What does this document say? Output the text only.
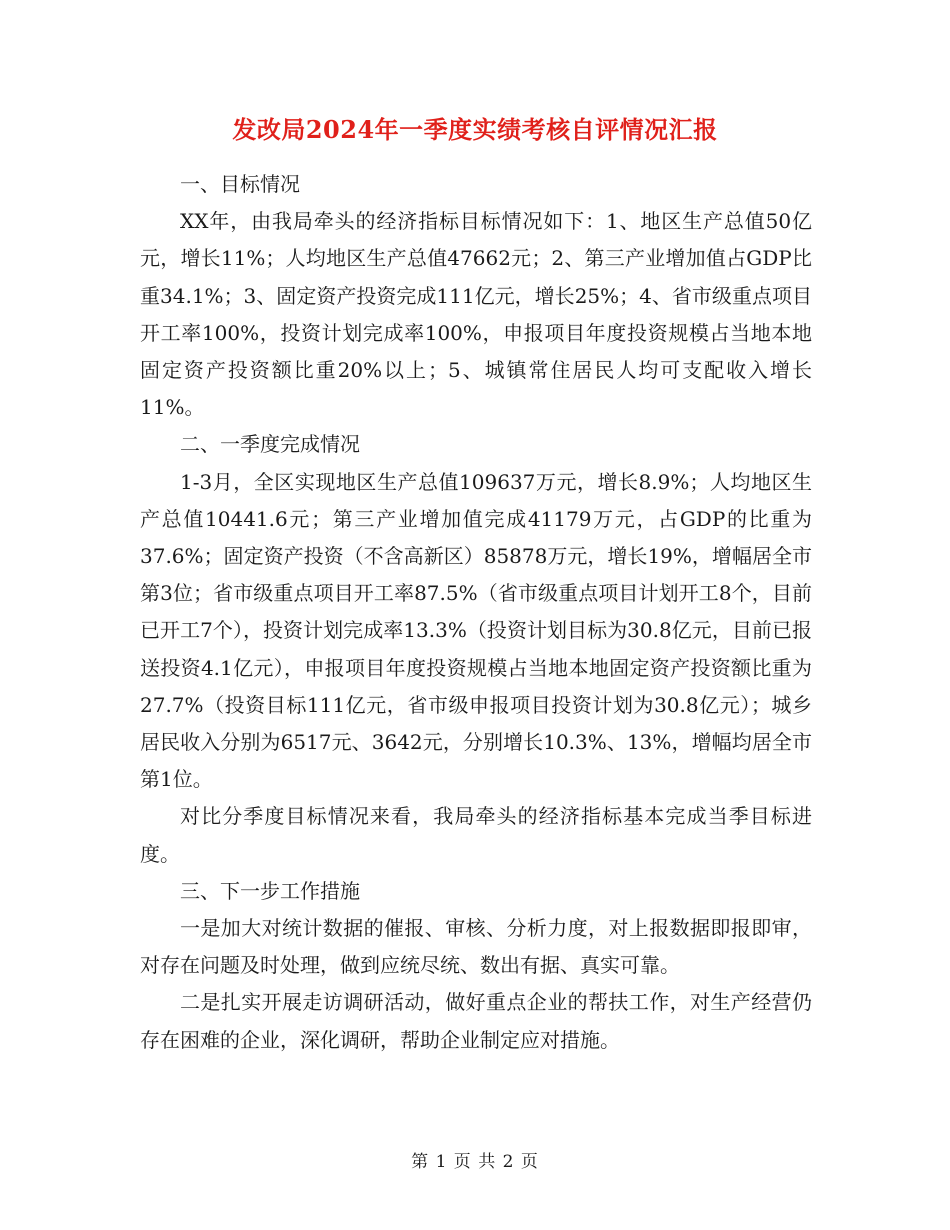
发改局2024年一季度实绩考核自评情况汇报

一、目标情况

XX年，由我局牵头的经济指标目标情况如下：1、地区生产总值50亿元，增长11%；人均地区生产总值47662元；2、第三产业增加值占GDP比重34.1%；3、固定资产投资完成111亿元，增长25%；4、省市级重点项目开工率100%，投资计划完成率100%，申报项目年度投资规模占当地本地固定资产投资额比重20%以上；5、城镇常住居民人均可支配收入增长11%。

二、一季度完成情况

1-3月，全区实现地区生产总值109637万元，增长8.9%；人均地区生产总值10441.6元；第三产业增加值完成41179万元，占GDP的比重为37.6%；固定资产投资（不含高新区）85878万元，增长19%，增幅居全市第3位；省市级重点项目开工率87.5%（省市级重点项目计划开工8个，目前已开工7个），投资计划完成率13.3%（投资计划目标为30.8亿元，目前已报送投资4.1亿元），申报项目年度投资规模占当地本地固定资产投资额比重为27.7%（投资目标111亿元，省市级申报项目投资计划为30.8亿元）；城乡居民收入分别为6517元、3642元，分别增长10.3%、13%，增幅均居全市第1位。

对比分季度目标情况来看，我局牵头的经济指标基本完成当季目标进度。

三、下一步工作措施

一是加大对统计数据的催报、审核、分析力度，对上报数据即报即审，对存在问题及时处理，做到应统尽统、数出有据、真实可靠。

二是扎实开展走访调研活动，做好重点企业的帮扶工作，对生产经营仍存在困难的企业，深化调研，帮助企业制定应对措施。

第 1 页 共 2 页
